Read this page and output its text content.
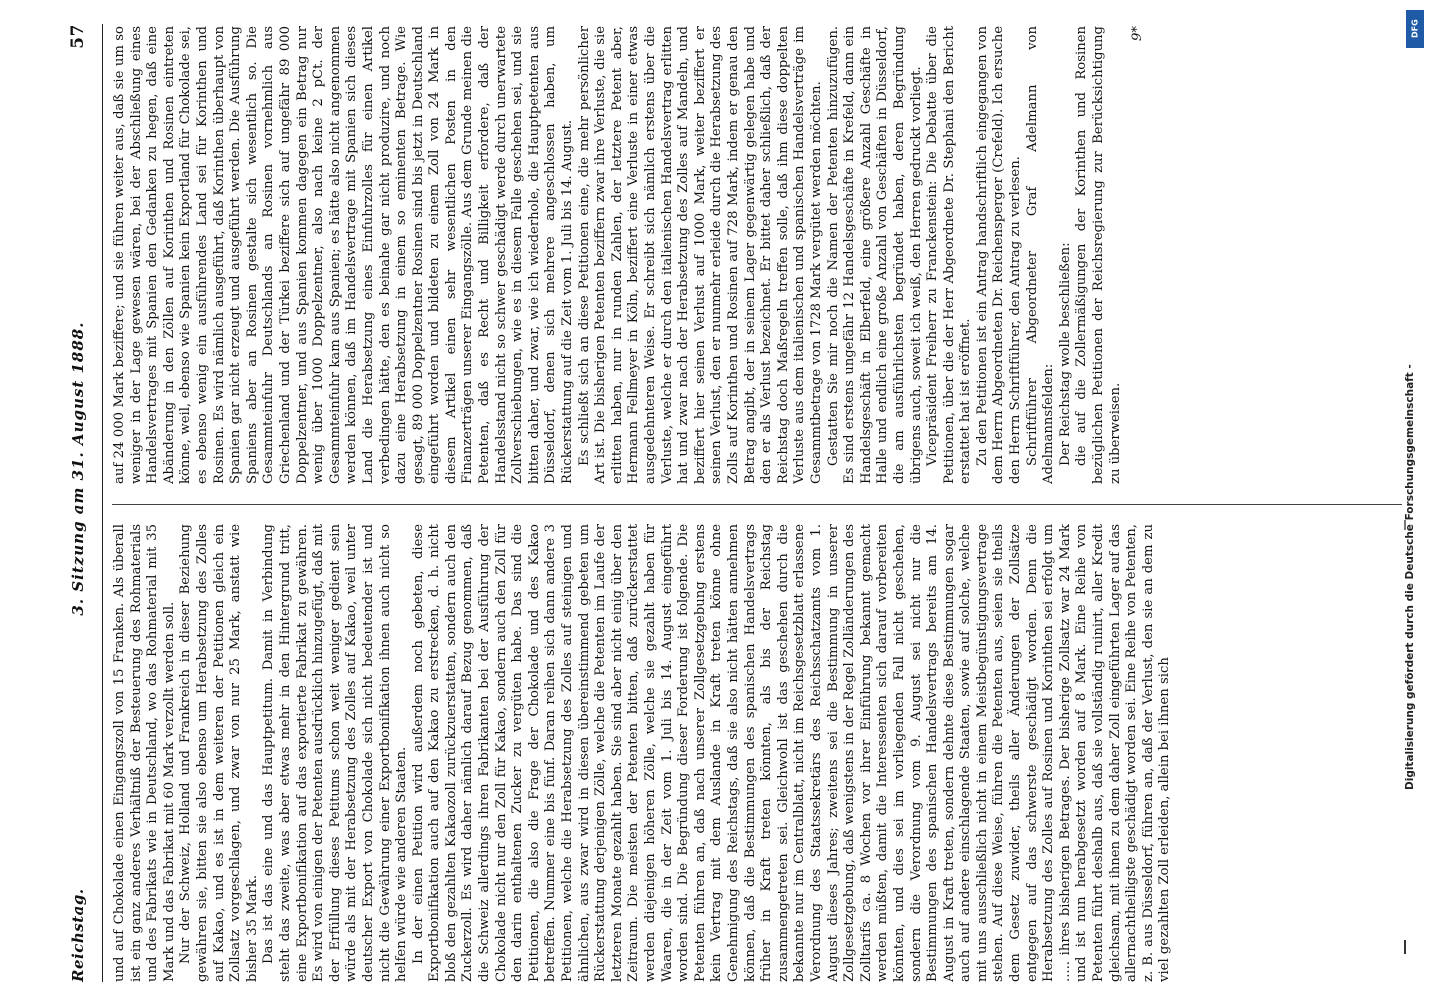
Reichstag.
3. Sitzung am 31. August 1888.
57

und auf Chokolade einen Eingangszoll von 15 Franken. Als überall ist ein ganz anderes Verhältniß der Besteuerung des Rohmaterials und des Fabrikats wie in Deutschland, wo das Rohmaterial mit 35 Mark und das Fabrikat mit 60 Mark verzollt werden soll. Nur der Schweiz, Holland und Frankreich in dieser Beziehung gewähren sie, bitten sie also ebenso um Herabsetzung des Zolles auf Kakao, und es ist in dem weiteren der Petitionen gleich ein Zollsatz vorgeschlagen, und zwar von nur 25 Mark, anstatt wie bisher 35 Mark. Das ist das eine und das Hauptpetitum. Damit in Verbindung steht das zweite, was aber etwas mehr in den Hintergrund tritt, eine Exportbonifikation auf das exportierte Fabrikat zu gewähren. Es wird von einigen der Petenten ausdrücklich hinzugefügt, daß mit der Erfüllung dieses Petitums schon weit weniger gedient sein würde als mit der Herabsetzung des Zolles auf Kakao, weil unter deutscher Export von Chokolade sich nicht bedeutender ist und nicht die Gewährung einer Exportbonifikation ihnen auch nicht so helfen würde wie anderen Staaten. In der einen Petition wird außerdem noch gebeten, diese Exportbonifikation auch auf den Kakao zu erstrecken, d. h. nicht bloß den gezahlten Kakaozoll zurückzuerstatten, sondern auch den Zuckerzoll. Es wird daher nämlich darauf Bezug genommen, daß die Schweiz allerdings ihren Fabrikanten bei der Ausführung der Chokolade nicht nur den Zoll für Kakao, sondern auch den Zoll für den darin enthaltenen Zucker zu vergüten habe. Das sind die Petitionen, die also die Frage der Chokolade und des Kakao betreffen. Nummer eine bis fünf. Daran reihen sich dann andere 3 Petitionen, welche die Herabsetzung des Zolles auf steinigen und ähnlichen, aus zwar wird in diesen übereinstimmend gebeten um Rückerstattung derjenigen Zölle, welche die Petenten im Laufe der letzteren Monate gezahlt haben. Sie sind aber nicht einig über den Zeitraum. Die meisten der Petenten bitten, daß zurückerstattet werden diejenigen höheren Zölle, welche sie gezahlt haben für Waaren, die in der Zeit vom 1. Juli bis 14. August eingeführt worden sind. Die Begründung dieser Forderung ist folgende. Die Petenten führen an, daß nach unserer Zollgesetzgebung erstens kein Vertrag mit dem Auslande in Kraft treten könne ohne Genehmigung des Reichstags, daß sie also nicht hätten annehmen können, daß die Bestimmungen des spanischen Handelsvertrags früher in Kraft treten könnten, als bis der Reichstag zusammengetreten sei. Gleichwohl ist das geschehen durch die bekannte nur im Centralblatt, nicht im Reichsgesetzblatt erlassene Verordnung des Staatssekretärs des Reichsschatzamts vom 1. August dieses Jahres; zweitens sei die Bestimmung in unserer Zollgesetzgebung, daß wenigstens in der Regel Zolländerungen des Zolltarifs ca. 8 Wochen vor ihrer Einführung bekannt gemacht werden müßten, damit die Interessenten sich darauf vorbereiten könnten, und dies sei im vorliegenden Fall nicht geschehen, sondern die Verordnung vom 9. August sei nicht nur die Bestimmungen des spanischen Handelsvertrags bereits am 14. August in Kraft treten, sondern dehnte diese Bestimmungen sogar auch auf andere einschlagende Staaten, sowie auf solche, welche mit uns ausschließlich nicht in einem Meistbegünstigungsvertrage stehen. Auf diese Weise, führen die Petenten aus, seien sie theils dem Gesetz zuwider, theils aller Änderungen der Zollsätze entgegen auf das schwerste geschädigt worden. Denn die Herabsetzung des Zolles auf Rosinen und Korinthen sei erfolgt um ..... ihres bisherigen Betrages. Der bisherige Zollsatz war 24 Mark und ist nun herabgesetzt worden auf 8 Mark. Eine Reihe von Petenten führt deshalb aus, daß sie vollständig ruinirt, aller Kredit gleichsam, mit ihnen zu dem daher Zoll eingeführten Lager auf das allernachtheiligste geschädigt worden sei. Eine Reihe von Petenten, z. B. aus Düsseldorf, führen an, daß der Verlust, den sie an dem zu viel gezahlten Zoll erleiden, allein bei ihnen sich

auf 24 000 Mark beziffere; und sie führen weiter aus, daß sie um so weniger in der Lage gewesen wären, bei der Abschließung eines Handelsvertrages mit Spanien den Gedanken zu hegen, daß eine Abänderung in den Zöllen auf Korinthen und Rosinen eintreten könne, weil, ebenso wie Spanien kein Exportland für Chokolade sei, es ebenso wenig ein ausführendes Land sei für Korinthen und Rosinen. Es wird nämlich ausgeführt, daß Korinthen überhaupt von Spanien gar nicht erzeugt und ausgeführt werden. Die Ausführung Spaniens aber an Rosinen gestalte sich wesentlich so. Die Gesammteinfuhr Deutschlands an Rosinen vornehmlich aus Griechenland und der Türkei beziffere sich auf ungefähr 89 000 Doppelzentner, und aus Spanien kommen dagegen ein Betrag nur wenig über 1000 Doppelzentner, also nach keine 2 pCt. der Gesammteinfuhr kam aus Spanien; es hätte also nicht angenommen werden können, daß im Handelsvertrage mit Spanien sich dieses Land die Herabsetzung eines Einfuhrzolles für einen Artikel verbedingen hätte, den es beinahe gar nicht produzire, und noch dazu eine Herabsetzung in einem so eminenten Betrage. Wie gesagt, 89 000 Doppelzentner Rosinen sind bis jetzt in Deutschland eingeführt worden und bildeten zu einem Zoll von 24 Mark in diesem Artikel einen sehr wesentlichen Posten in den Finanzerträgen unserer Eingangszölle. Aus dem Grunde meinen die Petenten, daß es Recht und Billigkeit erfordere, daß der Handelsstand nicht so schwer geschädigt werde durch unerwartete Zollverschiebungen, wie es in diesem Falle geschehen sei, und sie bitten daher, und zwar, wie ich wiederhole, die Hauptpetenten aus Düsseldorf, denen sich mehrere angeschlossen haben, um Rückerstattung auf die Zeit vom 1. Juli bis 14. August. Es schließt sich an diese Petitionen eine, die mehr persönlicher Art ist. Die bisherigen Petenten beziffern zwar ihre Verluste, die sie erlitten haben, nur in runden Zahlen, der letztere Petent aber, Hermann Fellmeyer in Köln, beziffert eine Verluste in einer etwas ausgedehnteren Weise. Er schreibt sich nämlich erstens über die Verluste, welche er durch den italienischen Handelsvertrag erlitten hat und zwar nach der Herabsetzung des Zolles auf Mandeln, und beziffert hier seinen Verlust auf 1000 Mark, weiter beziffert er seinen Verlust, den er nunmehr erleide durch die Herabsetzung des Zolls auf Korinthen und Rosinen auf 728 Mark, indem er genau den Betrag angibt, der in seinem Lager gegenwärtig gelegen habe und den er als Verlust bezeichnet. Er bittet daher schließlich, daß der Reichstag doch Maßregeln treffen solle, daß ihm diese doppelten Verluste aus dem italienischen und spanischen Handelsverträge im Gesammtbetrage von 1728 Mark vergütet werden möchten. Gestatten Sie mir noch die Namen der Petenten hinzuzufügen. Es sind erstens ungefähr 12 Handelsgeschäfte in Krefeld, dann ein Handelsgeschäft in Elberfeld, eine größere Anzahl Geschäfte in Halle und endlich eine große Anzahl von Geschäften in Düsseldorf, die am ausführlichsten begründet haben, deren Begründung übrigens auch, soweit ich weiß, den Herren gedruckt vorliegt. Vicepräsident Freiherr zu Franckenstein: Die Debatte über die Petitionen, über die der Herr Abgeordnete Dr. Stephani den Bericht erstattet hat ist eröffnet. Zu den Petitionen ist ein Antrag handschriftlich eingegangen von dem Herrn Abgeordneten Dr. Reichensperger (Crefeld). Ich ersuche den Herrn Schriftführer, den Antrag zu verlesen. Schriftführer Abgeordneter Graf Adelmann von Adelmannsfelden: Der Reichstag wolle beschließen: die auf die Zollermäßigungen der Korinthen und Rosinen bezüglichen Petitionen der Reichsregierung zur Berücksichtigung zu überweisen.

9*	DFG
Digitalisierung gefördert durch die Deutsche Forschungsgemeinschaft -
